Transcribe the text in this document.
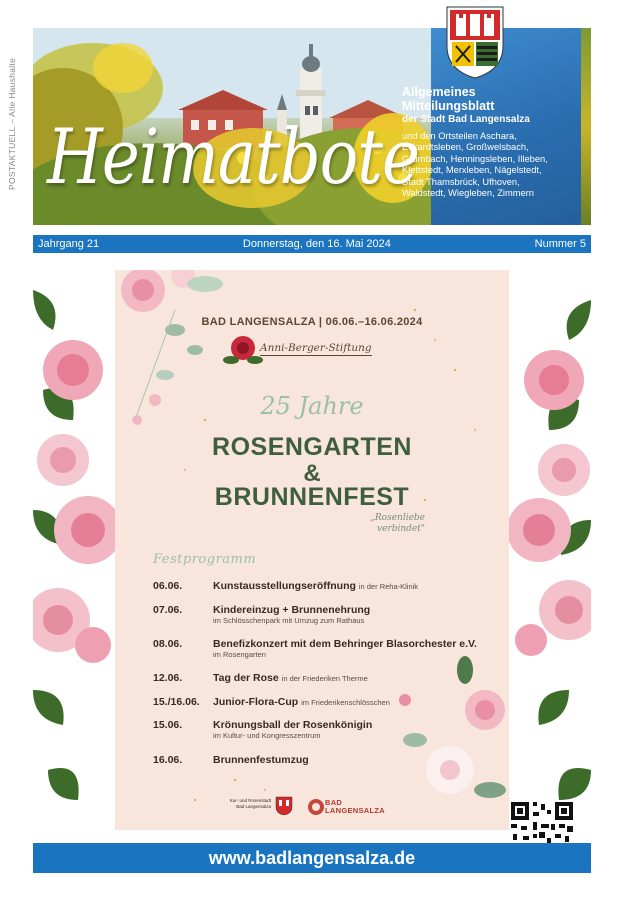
POSTAKTUELL – Alle Haushalte Heimatbote
Allgemeines Mitteilungsblatt
der Stadt Bad Langensalza
und den Ortsteilen Aschara, Eckardtsleben, Großwelsbach, Grumbach, Henningsleben, Illeben, Klettstedt, Merxleben, Nägelstedt, Stadt Thamsbrück, Ufhoven, Waldstedt, Wiegleben, Zimmern
Jahrgang 21	Donnerstag, den 16. Mai 2024	Nummer 5
BAD LANGENSALZA | 06.06.–16.06.2024
Anni-Berger-Stiftung
25 Jahre
ROSENGARTEN
&
BRUNNENFEST
„Rosenliebe
verbindet"
Festprogramm
06.06.	Kunstausstellungseröffnung in der Reha-Klinik
07.06.	Kindereinzug + Brunnenehrung
im Schlösschenpark mit Umzug zum Rathaus
08.06.	Benefizkonzert mit dem Behringer Blasorchester e.V.
im Rosengarten
12.06.	Tag der Rose in der Friederiken Therme
15./16.06. Junior-Flora-Cup im Friederikenschlösschen
15.06.	Krönungsball der Rosenkönigin
im Kultur- und Kongresszentrum
16.06.	Brunnenfestumzug
Kur- und Rosenstadt
Bad Langensalza	BAD
LANGENSALZA
www.badlangensalza.de
